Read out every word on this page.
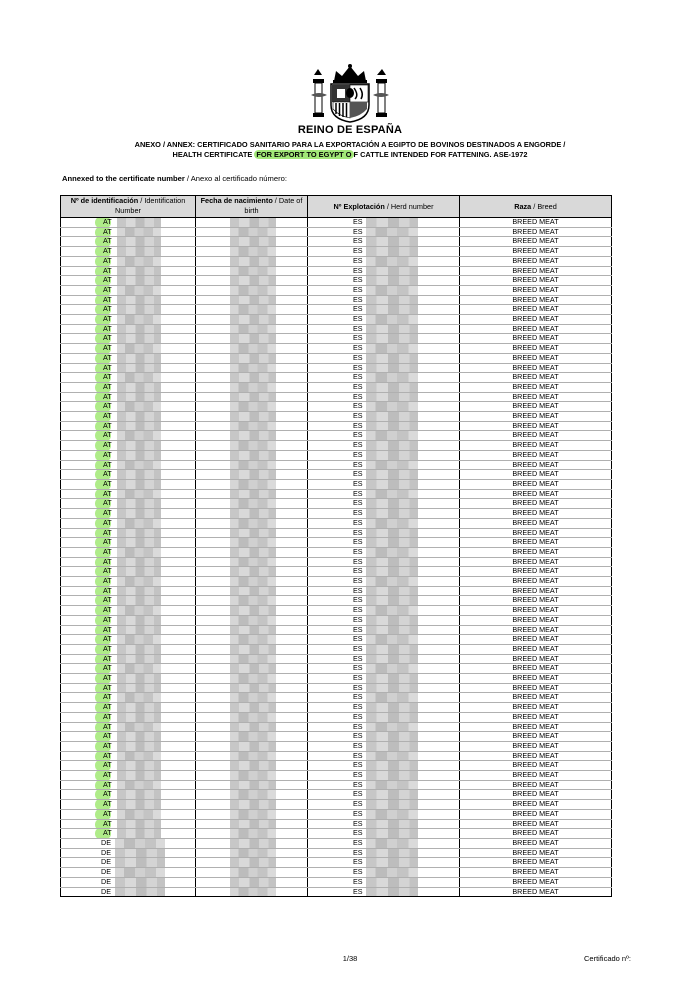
REINO DE ESPAÑA
ANEXO / ANNEX: CERTIFICADO SANITARIO PARA LA EXPORTACIÓN A EGIPTO DE BOVINOS DESTINADOS A ENGORDE /
HEALTH CERTIFICATE FOR EXPORT TO EGYPT O F CATTLE INTENDED FOR FATTENING. ASE-1972
Annexed to the certificate number / Anexo al certificado número:
Nº de identificación / Identification Number	Fecha de nacimiento / Date of birth	Nº Explotación / Herd number	Raza / Breed

AT		ES	BREED MEAT

AT		ES	BREED MEAT

AT		ES	BREED MEAT

AT		ES	BREED MEAT

AT		ES	BREED MEAT

AT		ES	BREED MEAT

AT		ES	BREED MEAT

AT		ES	BREED MEAT

AT		ES	BREED MEAT

AT		ES	BREED MEAT

AT		ES	BREED MEAT

AT		ES	BREED MEAT

AT		ES	BREED MEAT

AT		ES	BREED MEAT

AT		ES	BREED MEAT

AT		ES	BREED MEAT

AT		ES	BREED MEAT

AT		ES	BREED MEAT

AT		ES	BREED MEAT

AT		ES	BREED MEAT

AT		ES	BREED MEAT

AT		ES	BREED MEAT

AT		ES	BREED MEAT

AT		ES	BREED MEAT

AT		ES	BREED MEAT

AT		ES	BREED MEAT

AT		ES	BREED MEAT

AT		ES	BREED MEAT

AT		ES	BREED MEAT

AT		ES	BREED MEAT

AT		ES	BREED MEAT

AT		ES	BREED MEAT

AT		ES	BREED MEAT

AT		ES	BREED MEAT

AT		ES	BREED MEAT

AT		ES	BREED MEAT

AT		ES	BREED MEAT

AT		ES	BREED MEAT

AT		ES	BREED MEAT

AT		ES	BREED MEAT

AT		ES	BREED MEAT

AT		ES	BREED MEAT

AT		ES	BREED MEAT

AT		ES	BREED MEAT

AT		ES	BREED MEAT

AT		ES	BREED MEAT

AT		ES	BREED MEAT

AT		ES	BREED MEAT

AT		ES	BREED MEAT

AT		ES	BREED MEAT

AT		ES	BREED MEAT

AT		ES	BREED MEAT

AT		ES	BREED MEAT

AT		ES	BREED MEAT

AT		ES	BREED MEAT

AT		ES	BREED MEAT

AT		ES	BREED MEAT

AT		ES	BREED MEAT

AT		ES	BREED MEAT

AT		ES	BREED MEAT

AT		ES	BREED MEAT

AT		ES	BREED MEAT

AT		ES	BREED MEAT

AT		ES	BREED MEAT

DE		ES	BREED MEAT

DE		ES	BREED MEAT

DE		ES	BREED MEAT

DE		ES	BREED MEAT

DE		ES	BREED MEAT

DE		ES	BREED MEAT
1/38	Certificado nº:
